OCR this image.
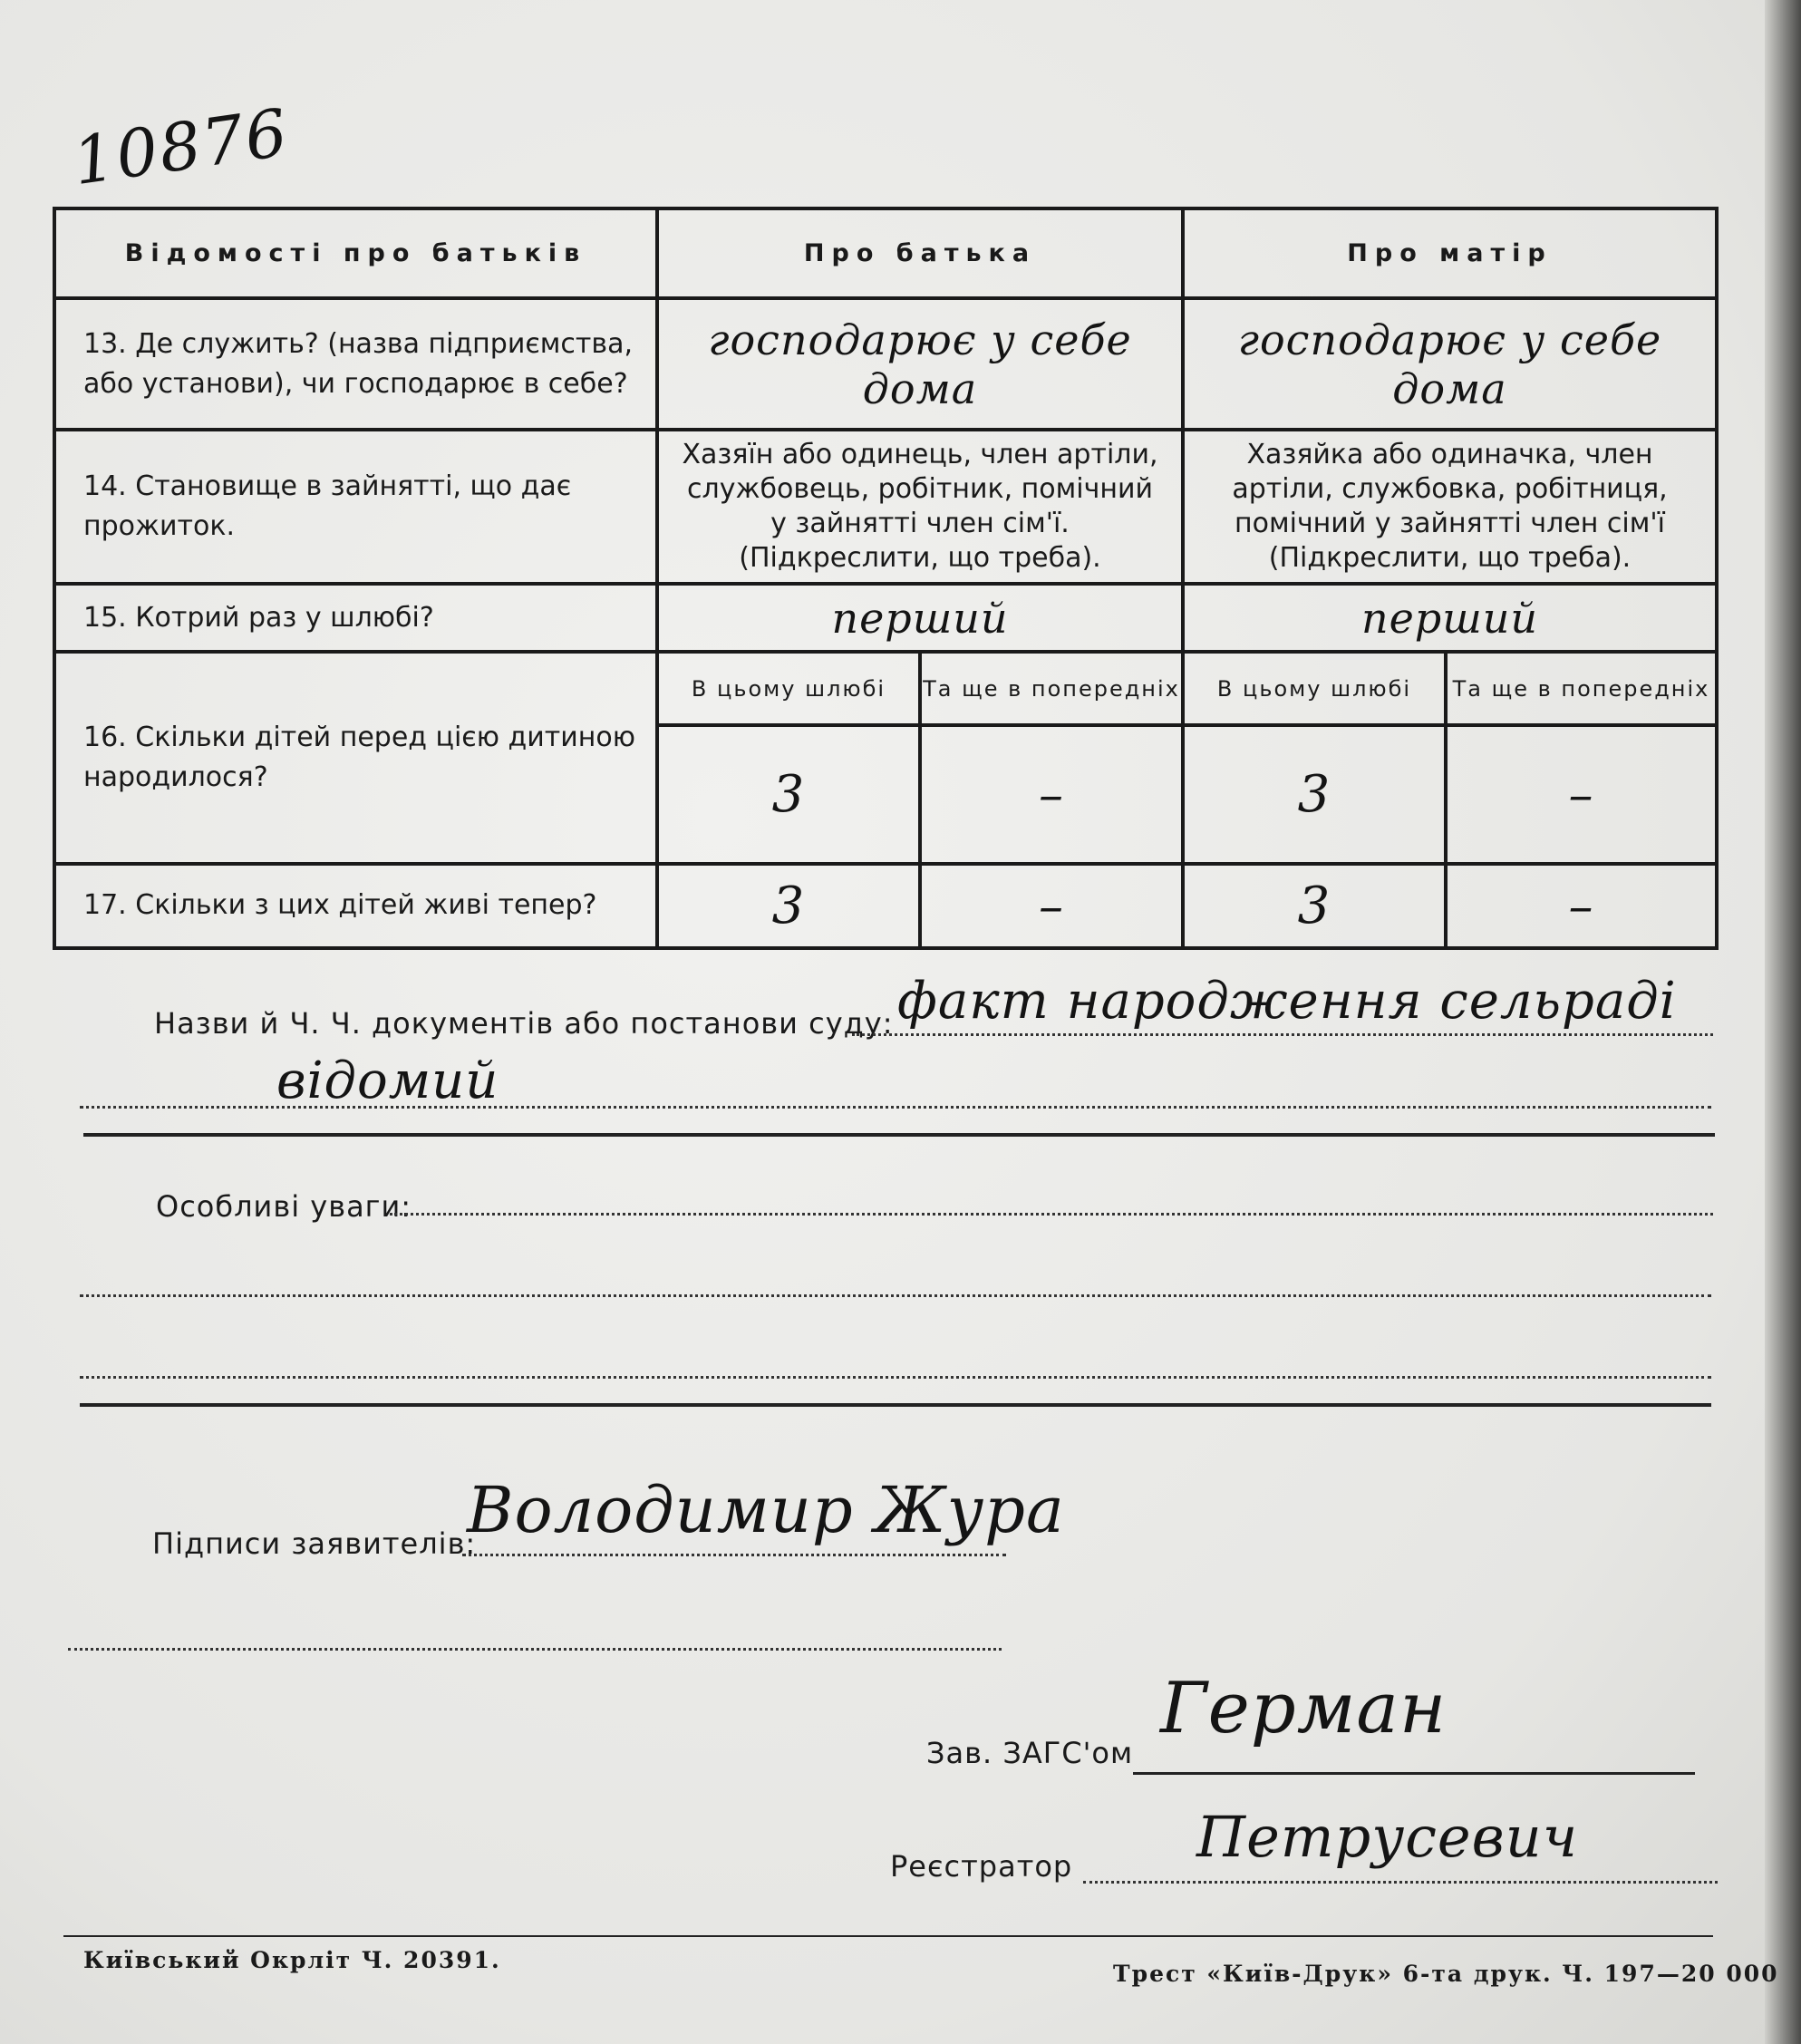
10876
Відомості про батьків	Про батька		Про матір	
13. Де служить? (назва підприємства, або установи), чи господарює в себе?	господарює у себе дома		господарює у себе дома	
14. Становище в зайнятті, що дає прожиток.	Хазяїн або одинець, член артіли, службовець, робітник, помічний у зайнятті член сім'ї. (Підкреслити, що треба).		Хазяйка або одиначка, член артіли, службовка, робітниця, помічний у зайнятті член сім'ї (Підкреслити, що треба).	
15. Котрий раз у шлюбі?	перший		перший	
16. Скільки дітей перед цією дитиною народилося?	В цьому шлюбі	Та ще в попередніх	В цьому шлюбі	Та ще в попередніх
	3	–	3	–
17. Скільки з цих дітей живі тепер?	3	–	3	–
Назви й Ч. Ч. документів або постанови суду: факт народження сельраді
відомий
Особливі уваги:
Підписи заявителів:
Володимир Жура
Зав. ЗАГС'ом
Герман
Реєстратор Петрусевич
Київський Окрліт Ч. 20391.
Трест «Київ-Друк» 6-та друк. Ч. 197—20 000
